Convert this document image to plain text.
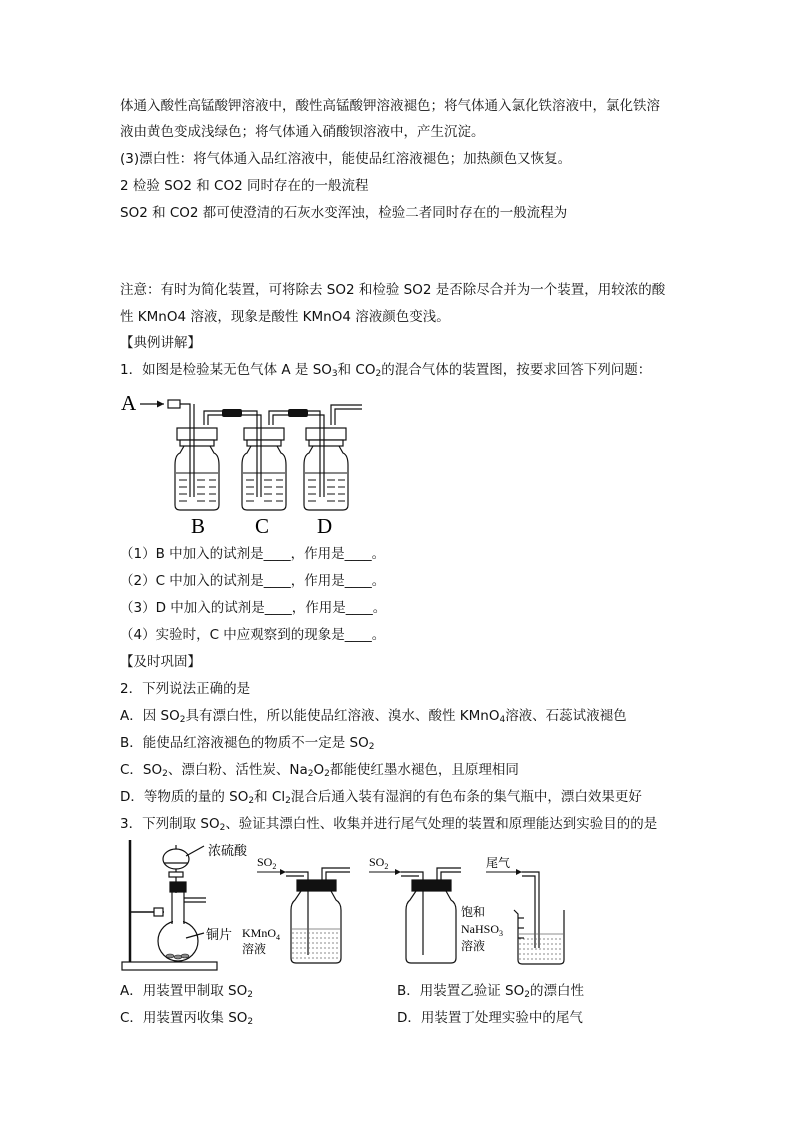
体通入酸性高锰酸钾溶液中，酸性高锰酸钾溶液褪色；将气体通入氯化铁溶液中，氯化铁溶
液由黄色变成浅绿色；将气体通入硝酸钡溶液中，产生沉淀。
(3)漂白性：将气体通入品红溶液中，能使品红溶液褪色；加热颜色又恢复。
2 检验 SO2 和 CO2 同时存在的一般流程
SO2 和 CO2 都可使澄清的石灰水变浑浊，检验二者同时存在的一般流程为
注意：有时为简化装置，可将除去 SO2 和检验 SO2 是否除尽合并为一个装置，用较浓的酸
性 KMnO4 溶液，现象是酸性 KMnO4 溶液颜色变浅。
【典例讲解】
1．如图是检验某无色气体 A 是 $SO_3$和 $CO_2$的混合气体的装置图，按要求回答下列问题：
A
B C D
（1）B 中加入的试剂是____，作用是____。
（2）C 中加入的试剂是____，作用是____。
（3）D 中加入的试剂是____，作用是____。
（4）实验时，C 中应观察到的现象是____。
【及时巩固】
2．下列说法正确的是
A．因 $SO_2$具有漂白性，所以能使品红溶液、溴水、酸性 KMnO$_4$溶液、石蕊试液褪色
B．能使品红溶液褪色的物质不一定是 $SO_2$
C．$SO_2$、漂白粉、活性炭、$Na_2O_2$都能使红墨水褪色，且原理相同
D．等物质的量的 $SO_2$和 $Cl_2$混合后通入装有湿润的有色布条的集气瓶中，漂白效果更好
3．下列制取 $SO_2$、验证其漂白性、收集并进行尾气处理的装置和原理能达到实验目的的是
浓硫酸
铜片
$SO_2$
KMnO$_4$
溶液
$SO_2$
饱和
NaHSO$_3$
溶液
尾气
A．用装置甲制取 $SO_2$	B．用装置乙验证 $SO_2$的漂白性
C．用装置丙收集 $SO_2$	D．用装置丁处理实验中的尾气
